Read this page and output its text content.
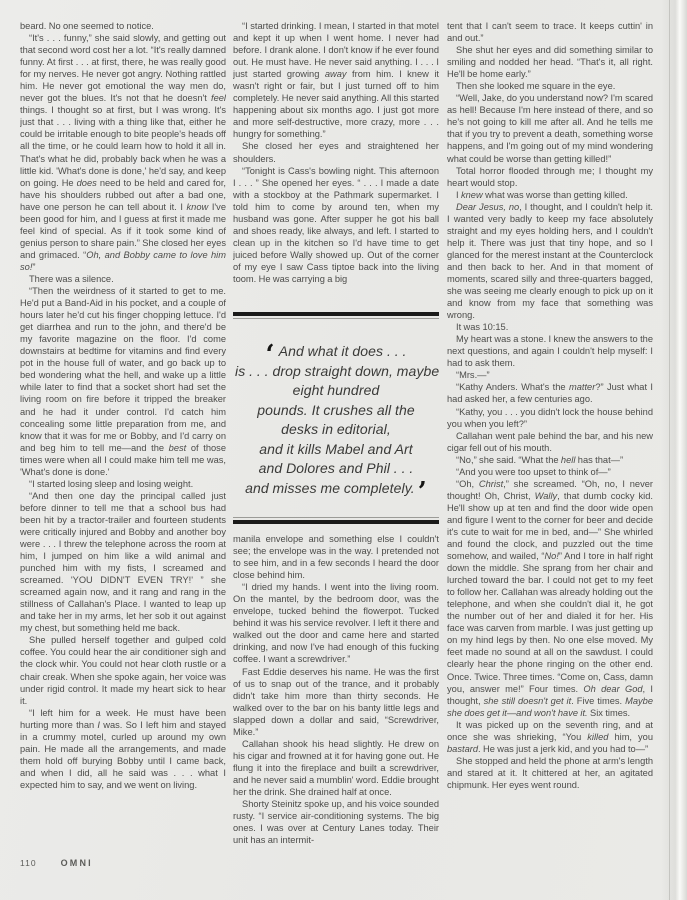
beard. No one seemed to notice.

“It's . . . funny,” she said slowly, and getting out that second word cost her a lot. “It's really damned funny. At first . . . at first, there, he was really good for my nerves. He never got angry. Nothing rattled him. He never got emotional the way men do, never got the blues. It's not that he doesn't feel things. I thought so at first, but I was wrong. It's just that . . . living with a thing like that, either he could be irritable enough to bite people's heads off all the time, or he could learn how to hold it all in. That's what he did, probably back when he was a little kid. 'What's done is done,' he'd say, and keep on going. He does need to be held and cared for, have his shoulders rubbed out after a bad one, have one person he can tell about it. I know I've been good for him, and I guess at first it made me feel kind of special. As if it took some kind of genius person to share pain.” She closed her eyes and grimaced. “Oh, and Bobby came to love him so!”

There was a silence.

“Then the weirdness of it started to get to me. He'd put a Band-Aid in his pocket, and a couple of hours later he'd cut his finger chopping lettuce. I'd get diarrhea and run to the john, and there'd be my favorite magazine on the floor. I'd come downstairs at bedtime for vitamins and find every pot in the house full of water, and go back up to bed wondering what the hell, and wake up a little while later to find that a socket short had set the living room on fire before it tripped the breaker and he had it under control. I'd catch him concealing some little preparation from me, and know that it was for me or Bobby, and I'd carry on and beg him to tell me—and the best of those times were when all I could make him tell me was, 'What's done is done.'

“I started losing sleep and losing weight.

“And then one day the principal called just before dinner to tell me that a school bus had been hit by a tractor-trailer and fourteen students were critically injured and Bobby and another boy were . . . I threw the telephone across the room at him, I jumped on him like a wild animal and punched him with my fists, I screamed and screamed. 'YOU DIDN'T EVEN TRY!' ” she screamed again now, and it rang and rang in the stillness of Callahan's Place. I wanted to leap up and take her in my arms, let her sob it out against my chest, but something held me back.

She pulled herself together and gulped cold coffee. You could hear the air conditioner sigh and the clock whir. You could not hear cloth rustle or a chair creak. When she spoke again, her voice was under rigid control. It made my heart sick to hear it.

“I left him for a week. He must have been hurting more than I was. So I left him and stayed in a crummy motel, curled up around my own pain. He made all the arrangements, and made them hold off burying Bobby until I came back, and when I did, all he said was . . . what I expected him to say, and we went on living.

“I started drinking. I mean, I started in that motel and kept it up when I went home. I never had before. I drank alone. I don't know if he ever found out. He must have. He never said anything. I . . . I just started growing away from him. I knew it wasn't right or fair, but I just turned off to him completely. He never said anything. All this started happening about six months ago. I just got more and more self-destructive, more crazy, more . . . hungry for something.”

She closed her eyes and straightened her shoulders.

“Tonight is Cass's bowling night. This afternoon I . . . ” She opened her eyes. “ . . . I made a date with a stockboy at the Pathmark supermarket. I told him to come by around ten, when my husband was gone. After supper he got his ball and shoes ready, like always, and left. I started to clean up in the kitchen so I'd have time to get juiced before Wally showed up. Out of the corner of my eye I saw Cass tiptoe back into the living toom. He was carrying a big

‘ And what it does . . .
is . . . drop straight down, maybe
eight hundred
pounds. It crushes all the
desks in editorial,
and it kills Mabel and Art
and Dolores and Phil . . .
and misses me completely. ’

manila envelope and something else I couldn't see; the envelope was in the way. I pretended not to see him, and in a few seconds I heard the door close behind him.

“I dried my hands. I went into the living room. On the mantel, by the bedroom door, was the envelope, tucked behind the flowerpot. Tucked behind it was his service revolver. I left it there and walked out the door and came here and started drinking, and now I've had enough of this fucking coffee. I want a screwdriver.”

Fast Eddie deserves his name. He was the first of us to snap out of the trance, and it probably didn't take him more than thirty seconds. He walked over to the bar on his banty little legs and slapped down a dollar and said, “Screwdriver, Mike.”

Callahan shook his head slightly. He drew on his cigar and frowned at it for having gone out. He flung it into the fireplace and built a screwdriver, and he never said a mumblin' word. Eddie brought her the drink. She drained half at once.

Shorty Steinitz spoke up, and his voice sounded rusty. “I service air-conditioning systems. The big ones. I was over at Century Lanes today. Their unit has an intermit-

tent that I can't seem to trace. It keeps cuttin' in and out.”

She shut her eyes and did something similar to smiling and nodded her head. “That's it, all right. He'll be home early.”

Then she looked me square in the eye.

“Well, Jake, do you understand now? I'm scared as hell! Because I'm here instead of there, and so he's not going to kill me after all. And he tells me that if you try to prevent a death, something worse happens, and I'm going out of my mind wondering what could be worse than getting killed!”

Total horror flooded through me; I thought my heart would stop.

I knew what was worse than getting killed.

Dear Jesus, no, I thought, and I couldn't help it. I wanted very badly to keep my face absolutely straight and my eyes holding hers, and I couldn't help it. There was just that tiny hope, and so I glanced for the merest instant at the Counterclock and then back to her. And in that moment of moments, scared silly and three-quarters bagged, she was seeing me clearly enough to pick up on it and know from my face that something was wrong.

It was 10:15.

My heart was a stone. I knew the answers to the next questions, and again I couldn't help myself: I had to ask them.

“Mrs.—”

“Kathy Anders. What's the matter?” Just what I had asked her, a few centuries ago.

“Kathy, you . . . you didn't lock the house behind you when you left?”

Callahan went pale behind the bar, and his new cigar fell out of his mouth.

“No,” she said. “What the hell has that—”

“And you were too upset to think of—”

“Oh, Christ,” she screamed. “Oh, no, I never thought! Oh, Christ, Wally, that dumb cocky kid. He'll show up at ten and find the door wide open and figure I went to the corner for beer and decide it's cute to wait for me in bed, and—” She whirled and found the clock, and puzzled out the time somehow, and wailed, “No!” And I tore in half right down the middle. She sprang from her chair and lurched toward the bar. I could not get to my feet to follow her. Callahan was already holding out the telephone, and when she couldn't dial it, he got the number out of her and dialed it for her. His face was carven from marble. I was just getting up on my hind legs by then. No one else moved. My feet made no sound at all on the sawdust. I could clearly hear the phone ringing on the other end. Once. Twice. Three times. “Come on, Cass, damn you, answer me!” Four times. Oh dear God, I thought, she still doesn't get it. Five times. Maybe she does get it—and won't have it. Six times.

It was picked up on the seventh ring, and at once she was shrieking, “You killed him, you bastard. He was just a jerk kid, and you had to—”

She stopped and held the phone at arm's length and stared at it. It chittered at her, an agitated chipmunk. Her eyes went round.

110	OMNI
